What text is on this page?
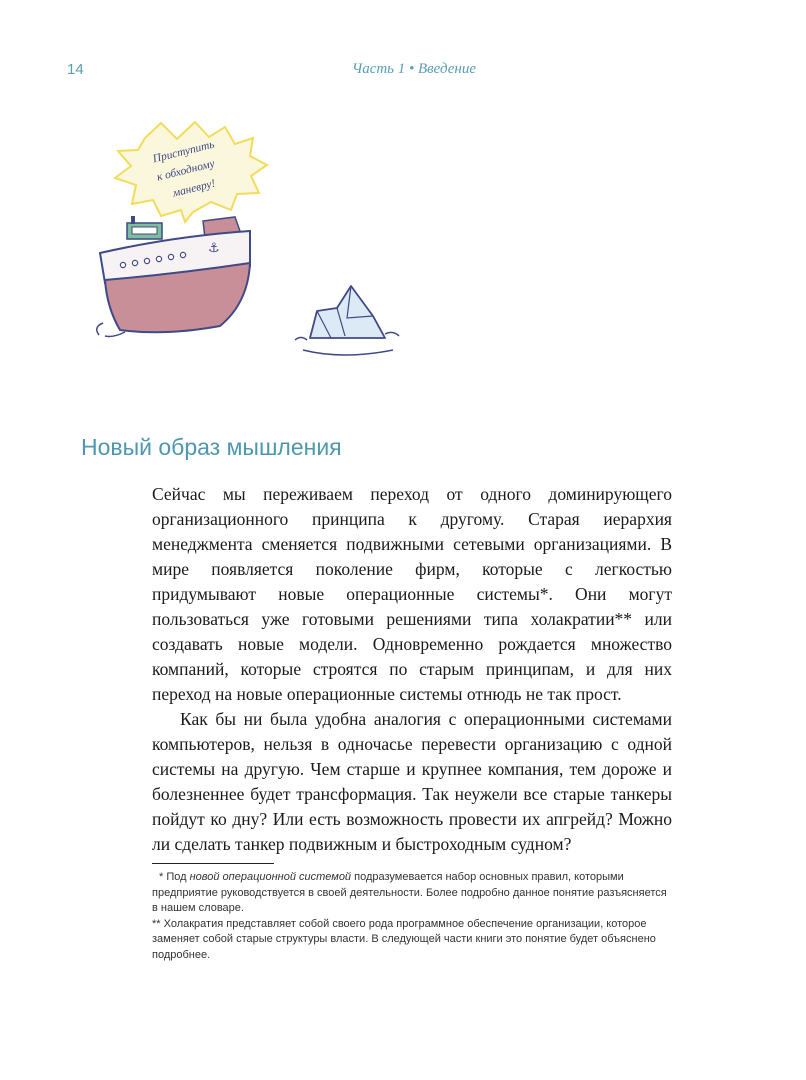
14	Часть 1 • Введение
Приступить
к обходному
маневру!
⚓
Новый образ мышления

Сейчас мы переживаем переход от одного доминирующего организационного принципа к другому. Старая иерархия менеджмента сменяется подвижными сетевыми организациями. В мире появляется поколение фирм, которые с легкостью придумывают новые операционные системы*. Они могут пользоваться уже готовыми решениями типа холакратии** или создавать новые модели. Одновременно рождается множество компаний, которые строятся по старым принципам, и для них переход на новые операционные системы отнюдь не так прост.

Как бы ни была удобна аналогия с операционными системами компьютеров, нельзя в одночасье перевести организацию с одной системы на другую. Чем старше и крупнее компания, тем дороже и болезненнее будет трансформация. Так неужели все старые танкеры пойдут ко дну? Или есть возможность провести их апгрейд? Можно ли сделать танкер подвижным и быстроходным судном?

* Под новой операционной системой подразумевается набор основных правил, которыми предприятие руководствуется в своей деятельности. Более подробно данное понятие разъясняется в нашем словаре.

** Холакратия представляет собой своего рода программное обеспечение организации, которое заменяет собой старые структуры власти. В следующей части книги это понятие будет объяснено подробнее.
